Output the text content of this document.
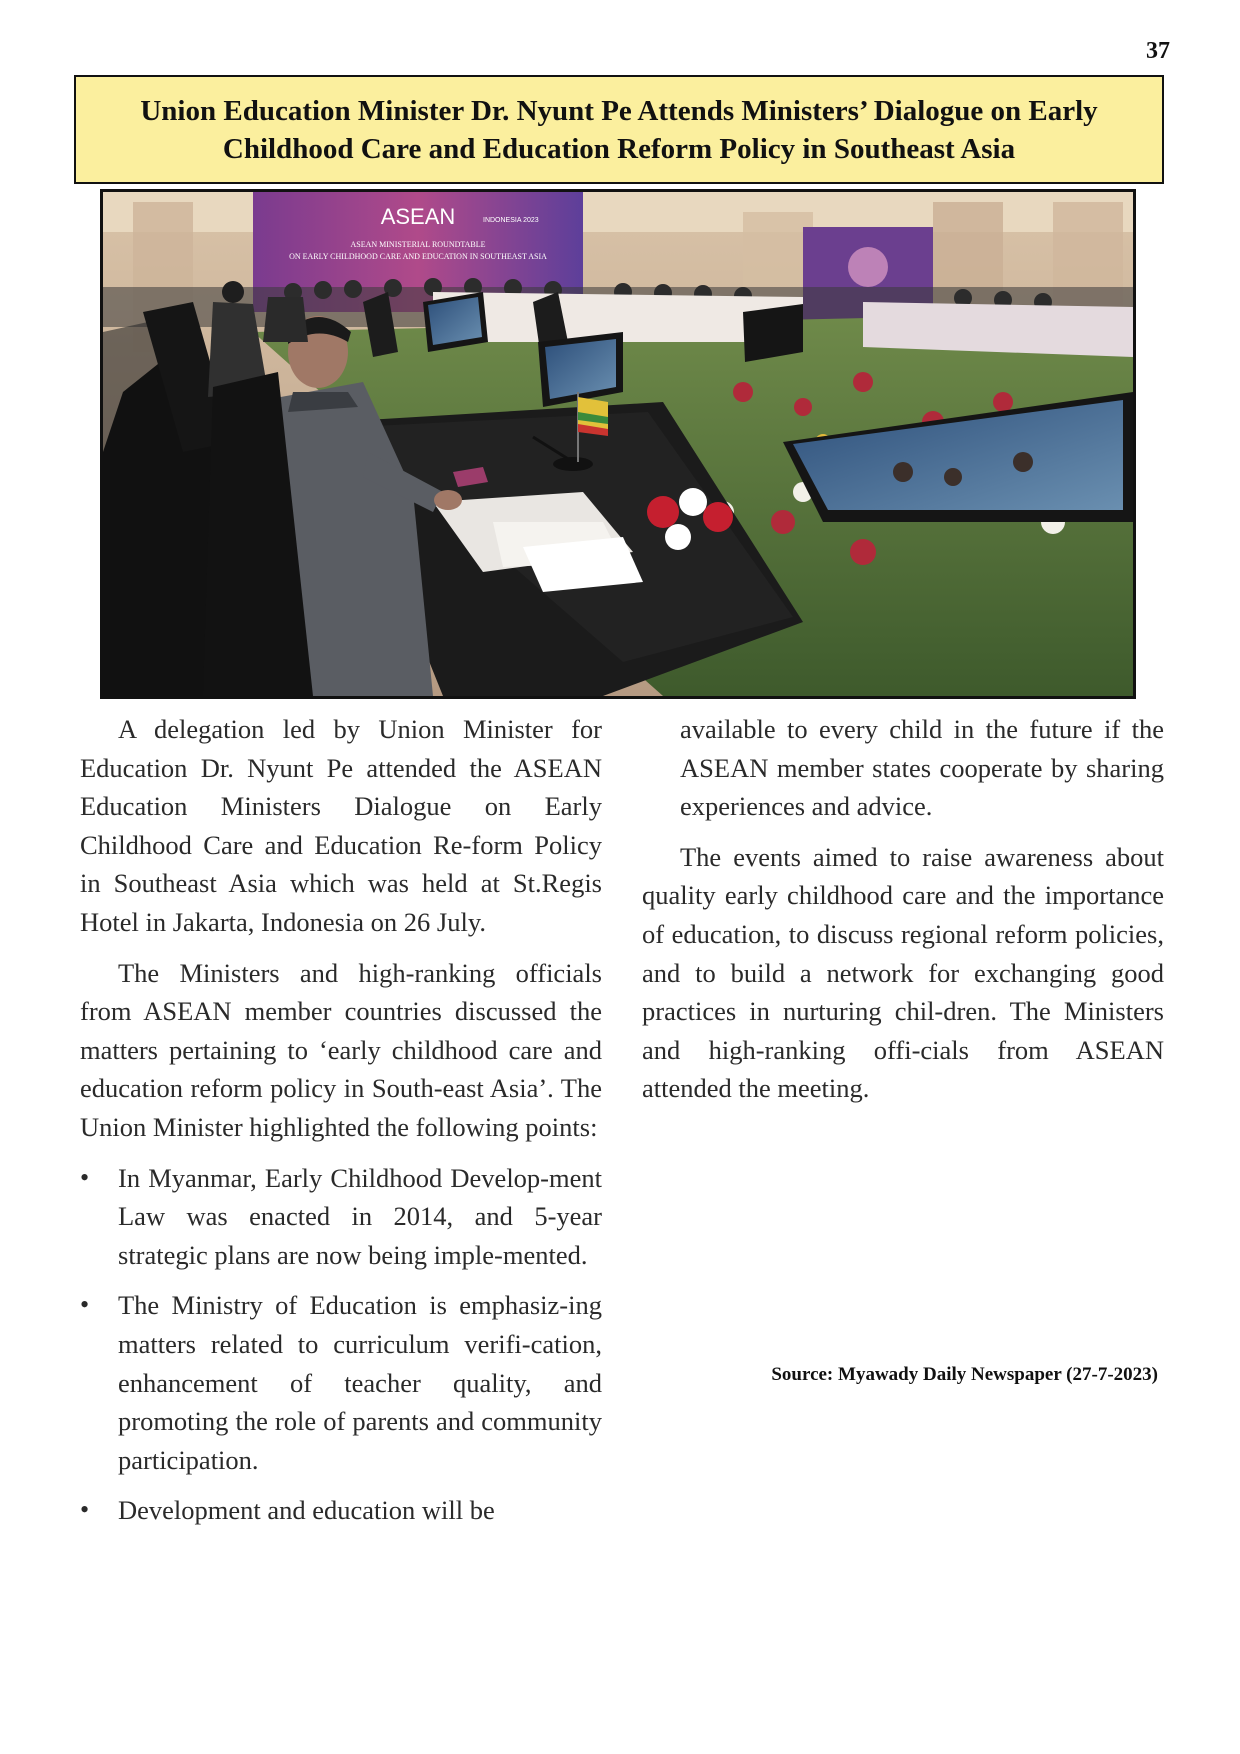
37
Union Education Minister Dr. Nyunt Pe Attends Ministers’ Dialogue on Early
Childhood Care and Education Reform Policy in Southeast Asia
ASEAN	INDONESIA 2023
ASEAN MINISTERIAL ROUNDTABLE
ON EARLY CHILDHOOD CARE AND EDUCATION IN SOUTHEAST ASIA

A delegation led by Union Minister for Education Dr. Nyunt Pe attended the ASEAN Education Ministers Dialogue on Early Childhood Care and Education Re-form Policy in Southeast Asia which was held at St.Regis Hotel in Jakarta, Indonesia on 26 July.

The Ministers and high-ranking officials from ASEAN member countries discussed the matters pertaining to ‘early childhood care and education reform policy in South-east Asia’. The Union Minister highlighted the following points:

• In Myanmar, Early Childhood Develop-ment Law was enacted in 2014, and 5-year strategic plans are now being imple-mented.
• The Ministry of Education is emphasiz-ing matters related to curriculum verifi-cation, enhancement of teacher quality, and promoting the role of parents and community participation.
• Development and education will be

available to every child in the future if the ASEAN member states cooperate by sharing experiences and advice.

The events aimed to raise awareness about quality early childhood care and the importance of education, to discuss regional reform policies, and to build a network for exchanging good practices in nurturing chil-dren. The Ministers and high-ranking offi-cials from ASEAN attended the meeting.

Source: Myawady Daily Newspaper (27-7-2023)
